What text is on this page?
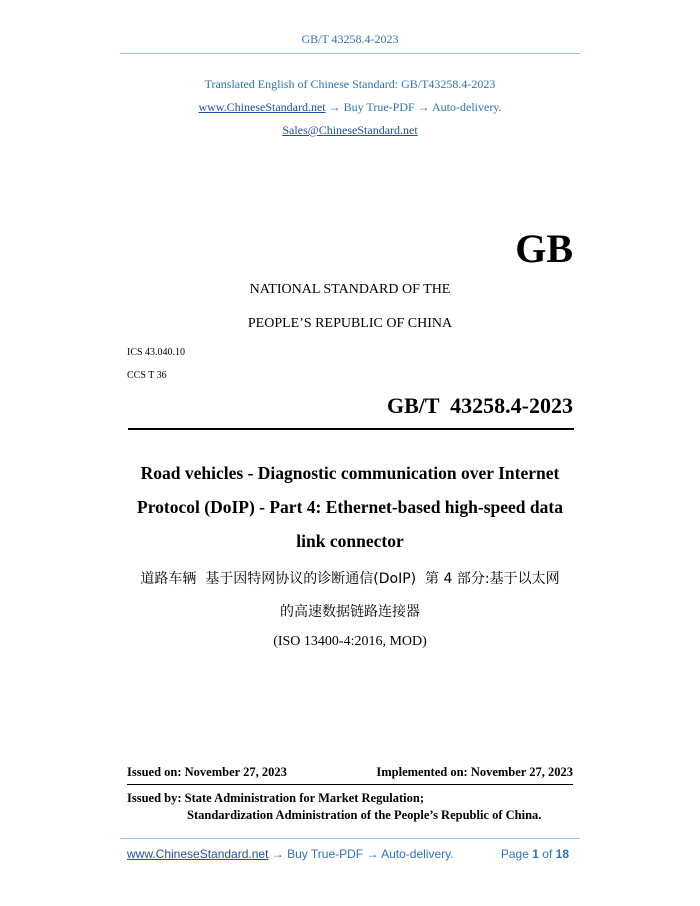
GB/T 43258.4-2023
Translated English of Chinese Standard: GB/T43258.4-2023
www.ChineseStandard.net → Buy True-PDF → Auto-delivery.
Sales@ChineseStandard.net
GB
NATIONAL STANDARD OF THE
PEOPLE’S REPUBLIC OF CHINA
ICS 43.040.10
CCS T 36
GB/T  43258.4-2023
Road vehicles - Diagnostic communication over Internet
Protocol (DoIP) - Part 4: Ethernet-based high-speed data
link connector
道路车辆  基于因特网协议的诊断通信(DoIP)  第 4 部分:基于以太网
的高速数据链路连接器
(ISO 13400-4:2016, MOD)
Issued on: November 27, 2023	Implemented on: November 27, 2023
Issued by: State Administration for Market Regulation;
Standardization Administration of the People’s Republic of China.
www.ChineseStandard.net → Buy True-PDF → Auto-delivery.	Page 1 of 18
